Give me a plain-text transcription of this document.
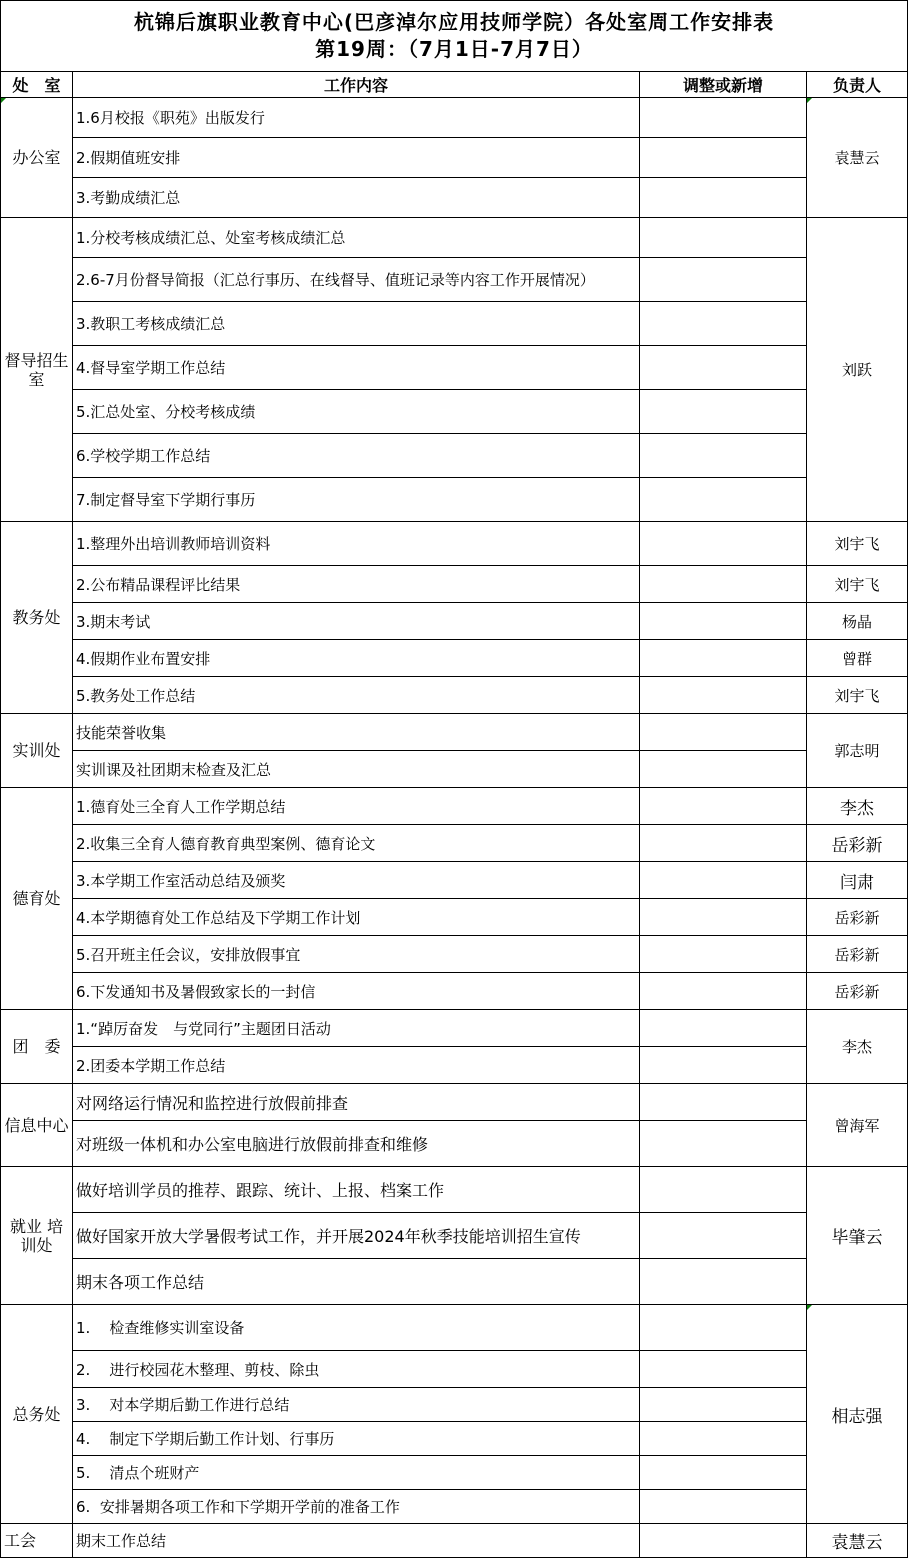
杭锦后旗职业教育中心(巴彦淖尔应用技师学院）各处室周工作安排表
第19周：（7月1日-7月7日）			

处　室	工作内容	调整或新增	负责人
办公室	1.6月校报《职苑》出版发行		袁慧云
	2.假期值班安排		
	3.考勤成绩汇总		
督导招生室	1.分校考核成绩汇总、处室考核成绩汇总		刘跃
	2.6-7月份督导简报（汇总行事历、在线督导、值班记录等内容工作开展情况）		
	3.教职工考核成绩汇总		
	4.督导室学期工作总结		
	5.汇总处室、分校考核成绩		
	6.学校学期工作总结		
	7.制定督导室下学期行事历		
教务处	1.整理外出培训教师培训资料		刘宇飞
	2.公布精品课程评比结果		刘宇飞
	3.期末考试		杨晶
	4.假期作业布置安排		曾群
	5.教务处工作总结		刘宇飞
实训处	技能荣誉收集		郭志明
	实训课及社团期末检查及汇总		
德育处	1.德育处三全育人工作学期总结		李杰
	2.收集三全育人德育教育典型案例、德育论文		岳彩新
	3.本学期工作室活动总结及颁奖		闫肃
	4.本学期德育处工作总结及下学期工作计划		岳彩新
	5.召开班主任会议，安排放假事宜		岳彩新
	6.下发通知书及暑假致家长的一封信		岳彩新
团　委	1.“踔厉奋发　与党同行”主题团日活动		李杰
	2.团委本学期工作总结		
信息中心	对网络运行情况和监控进行放假前排查		曾海军
	对班级一体机和办公室电脑进行放假前排查和维修		
就业 培训处	做好培训学员的推荐、跟踪、统计、上报、档案工作		毕肇云
	做好国家开放大学暑假考试工作，并开展2024年秋季技能培训招生宣传		
	期末各项工作总结		
总务处	1.    检查维修实训室设备		相志强
	2.    进行校园花木整理、剪枝、除虫		
	3.    对本学期后勤工作进行总结		
	4.    制定下学期后勤工作计划、行事历		
	5.    清点个班财产		
	6.  安排暑期各项工作和下学期开学前的准备工作		
工会	期末工作总结		袁慧云
